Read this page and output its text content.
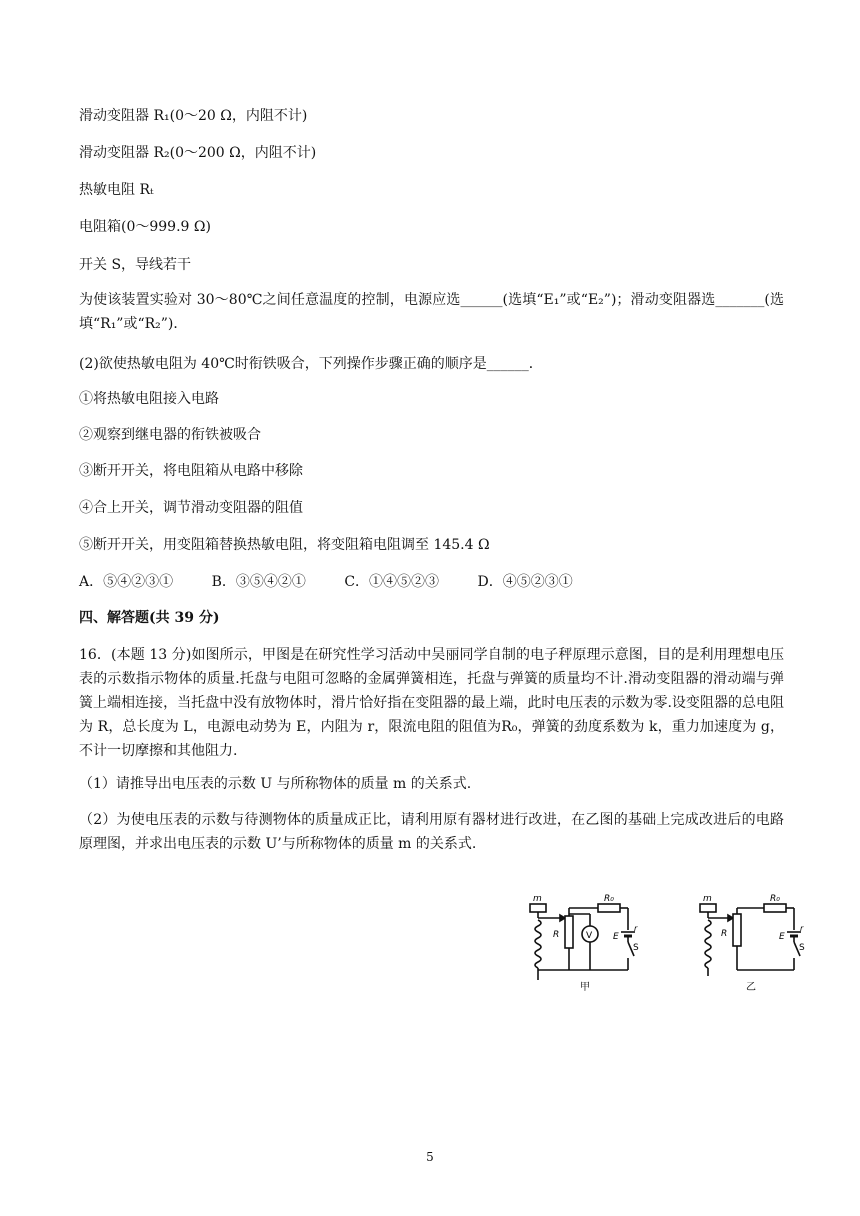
滑动变阻器 R₁(0～20 Ω，内阻不计)
滑动变阻器 R₂(0～200 Ω，内阻不计)
热敏电阻 Rₜ
电阻箱(0～999.9 Ω)
开关 S，导线若干
为使该装置实验对 30～80℃之间任意温度的控制，电源应选______(选填“E₁”或“E₂”)；滑动变阻器选_______(选填“R₁”或“R₂”)．
(2)欲使热敏电阻为 40℃时衔铁吸合，下列操作步骤正确的顺序是______．
①将热敏电阻接入电路
②观察到继电器的衔铁被吸合
③断开开关，将电阻箱从电路中移除
④合上开关，调节滑动变阻器的阻值
⑤断开开关，用变阻箱替换热敏电阻，将变阻箱电阻调至 145.4 Ω
A．⑤④②③①	B．③⑤④②①	C．①④⑤②③	D．④⑤②③①
四、解答题(共 39 分)
16．(本题 13 分)如图所示，甲图是在研究性学习活动中吴丽同学自制的电子秤原理示意图，目的是利用理想电压表的示数指示物体的质量.托盘与电阻可忽略的金属弹簧相连，托盘与弹簧的质量均不计.滑动变阻器的滑动端与弹簧上端相连接，当托盘中没有放物体时，滑片恰好指在变阻器的最上端，此时电压表的示数为零.设变阻器的总电阻为 R，总长度为 L，电源电动势为 E，内阻为 r，限流电阻的阻值为R₀，弹簧的劲度系数为 k，重力加速度为 g，不计一切摩擦和其他阻力.
（1）请推导出电压表的示数 U 与所称物体的质量 m 的关系式.
（2）为使电压表的示数与待测物体的质量成正比，请利用原有器材进行改进，在乙图的基础上完成改进后的电路原理图，并求出电压表的示数 U’与所称物体的质量 m 的关系式.
m
R
R₀
V E
r
S
甲
m
R
R₀
E
r
S
乙
5
